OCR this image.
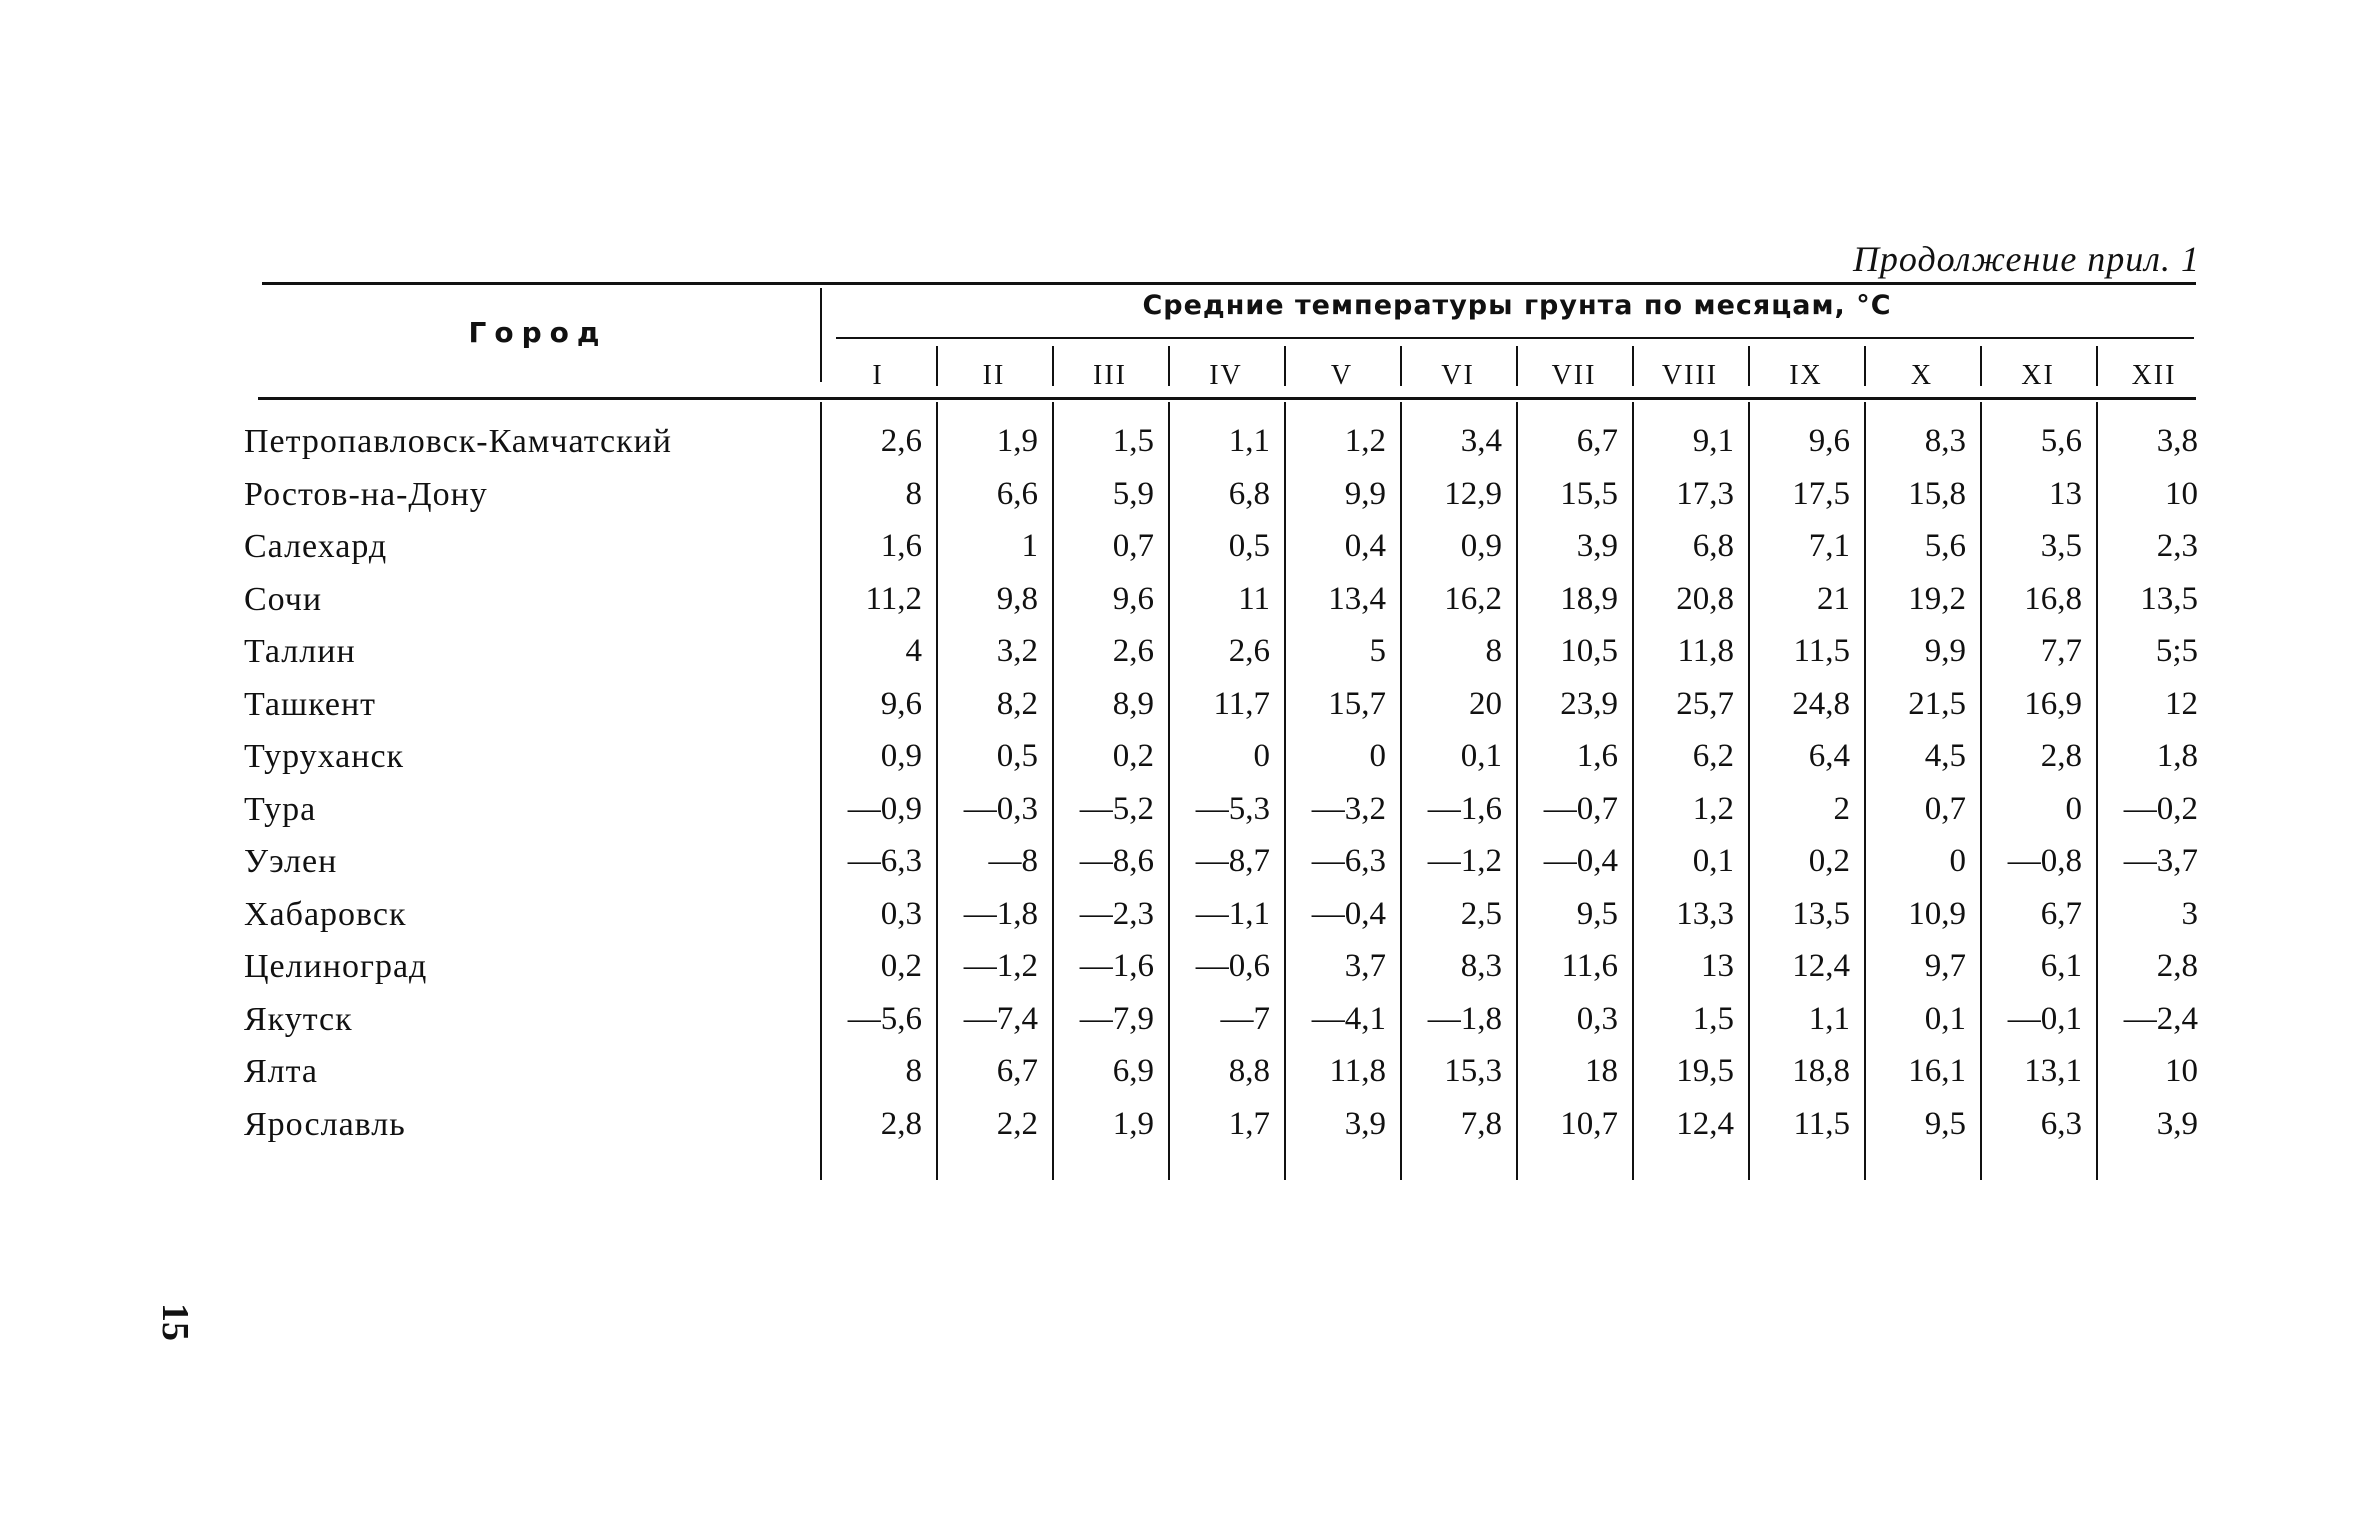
Продолжение прил. 1
Город
Средние температуры грунта по месяцам, °С
I	II	III	IV	V	VI	VII	VIII	IX	X	XI	XII
Петропавловск-Камчатский	2,6	1,9	1,5	1,1	1,2	3,4	6,7	9,1	9,6	8,3	5,6	3,8
Ростов-на-Дону	8	6,6	5,9	6,8	9,9	12,9	15,5	17,3	17,5	15,8	13	10
Салехард	1,6	1	0,7	0,5	0,4	0,9	3,9	6,8	7,1	5,6	3,5	2,3
Сочи	11,2	9,8	9,6	11	13,4	16,2	18,9	20,8	21	19,2	16,8	13,5
Таллин	4	3,2	2,6	2,6	5	8	10,5	11,8	11,5	9,9	7,7	5;5
Ташкент	9,6	8,2	8,9	11,7	15,7	20	23,9	25,7	24,8	21,5	16,9	12
Туруханск	0,9	0,5	0,2	0	0	0,1	1,6	6,2	6,4	4,5	2,8	1,8
Тура	—0,9	—0,3	—5,2	—5,3	—3,2	—1,6	—0,7	1,2	2	0,7	0	—0,2
Уэлен	—6,3	—8	—8,6	—8,7	—6,3	—1,2	—0,4	0,1	0,2	0	—0,8	—3,7
Хабаровск	0,3	—1,8	—2,3	—1,1	—0,4	2,5	9,5	13,3	13,5	10,9	6,7	3
Целиноград	0,2	—1,2	—1,6	—0,6	3,7	8,3	11,6	13	12,4	9,7	6,1	2,8
Якутск	—5,6	—7,4	—7,9	—7	—4,1	—1,8	0,3	1,5	1,1	0,1	—0,1	—2,4
Ялта	8	6,7	6,9	8,8	11,8	15,3	18	19,5	18,8	16,1	13,1	10
Ярославль	2,8	2,2	1,9	1,7	3,9	7,8	10,7	12,4	11,5	9,5	6,3	3,9
15
